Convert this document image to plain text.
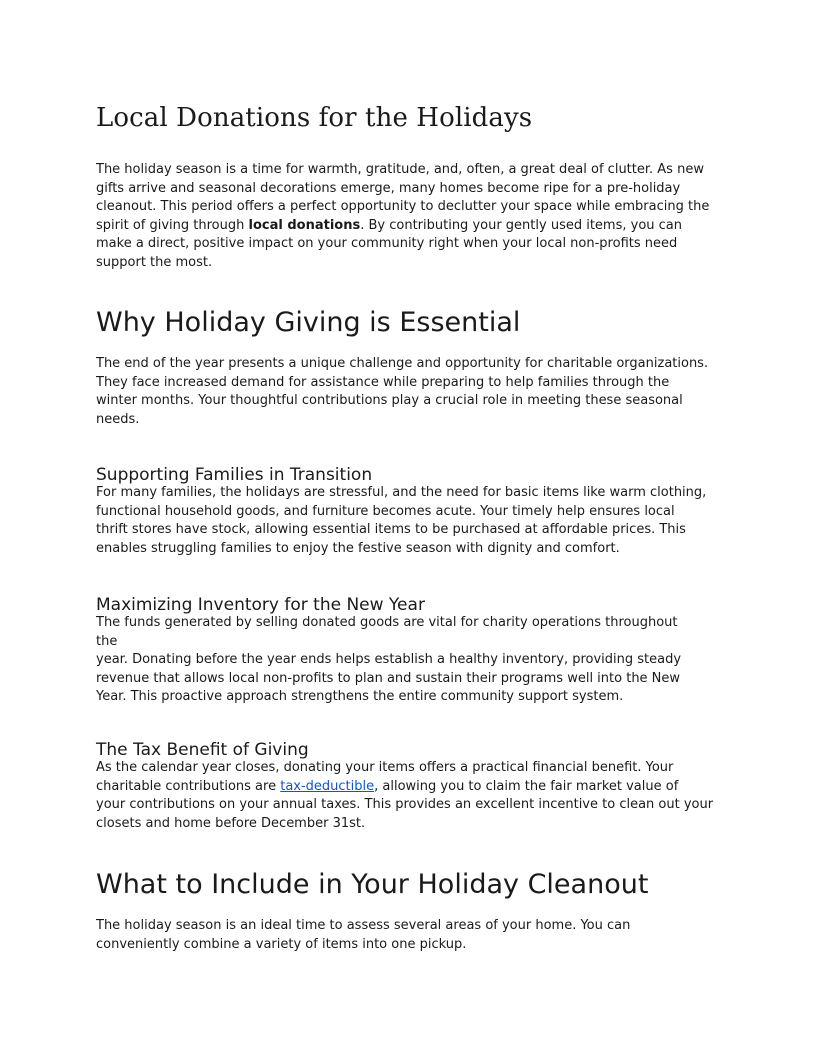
Local Donations for the Holidays

The holiday season is a time for warmth, gratitude, and, often, a great deal of clutter. As new
gifts arrive and seasonal decorations emerge, many homes become ripe for a pre-holiday
cleanout. This period offers a perfect opportunity to declutter your space while embracing the
spirit of giving through local donations. By contributing your gently used items, you can
make a direct, positive impact on your community right when your local non-profits need
support the most.

Why Holiday Giving is Essential

The end of the year presents a unique challenge and opportunity for charitable organizations.
They face increased demand for assistance while preparing to help families through the
winter months. Your thoughtful contributions play a crucial role in meeting these seasonal
needs.

Supporting Families in Transition

For many families, the holidays are stressful, and the need for basic items like warm clothing,
functional household goods, and furniture becomes acute. Your timely help ensures local
thrift stores have stock, allowing essential items to be purchased at affordable prices. This
enables struggling families to enjoy the festive season with dignity and comfort.

Maximizing Inventory for the New Year

The funds generated by selling donated goods are vital for charity operations throughout
the
year. Donating before the year ends helps establish a healthy inventory, providing steady
revenue that allows local non-profits to plan and sustain their programs well into the New
Year. This proactive approach strengthens the entire community support system.

The Tax Benefit of Giving

As the calendar year closes, donating your items offers a practical financial benefit. Your
charitable contributions are tax-deductible, allowing you to claim the fair market value of
your contributions on your annual taxes. This provides an excellent incentive to clean out your
closets and home before December 31st.

What to Include in Your Holiday Cleanout

The holiday season is an ideal time to assess several areas of your home. You can
conveniently combine a variety of items into one pickup.
